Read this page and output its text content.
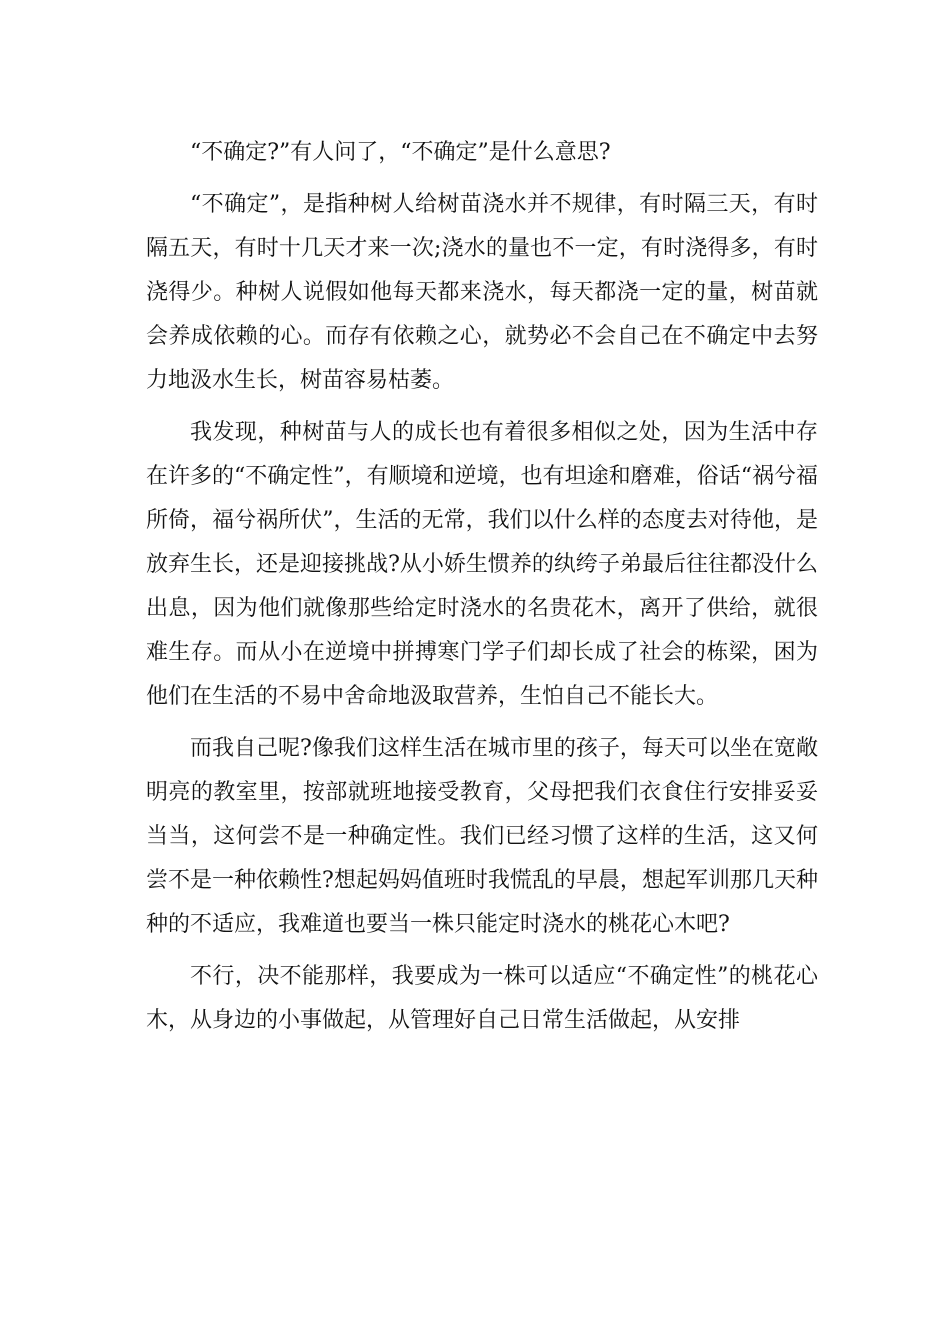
“不确定?”有人问了，“不确定”是什么意思?

“不确定”，是指种树人给树苗浇水并不规律，有时隔三天，有时隔五天，有时十几天才来一次;浇水的量也不一定，有时浇得多，有时浇得少。种树人说假如他每天都来浇水，每天都浇一定的量，树苗就会养成依赖的心。而存有依赖之心，就势必不会自己在不确定中去努力地汲水生长，树苗容易枯萎。

我发现，种树苗与人的成长也有着很多相似之处，因为生活中存在许多的“不确定性”，有顺境和逆境，也有坦途和磨难，俗话“祸兮福所倚，福兮祸所伏”，生活的无常，我们以什么样的态度去对待他，是放弃生长，还是迎接挑战?从小娇生惯养的纨绔子弟最后往往都没什么出息，因为他们就像那些给定时浇水的名贵花木，离开了供给，就很难生存。而从小在逆境中拼搏寒门学子们却长成了社会的栋梁，困为他们在生活的不易中舍命地汲取营养，生怕自己不能长大。

而我自己呢?像我们这样生活在城市里的孩子，每天可以坐在宽敞明亮的教室里，按部就班地接受教育，父母把我们衣食住行安排妥妥当当，这何尝不是一种确定性。我们已经习惯了这样的生活，这又何尝不是一种依赖性?想起妈妈值班时我慌乱的早晨，想起军训那几天种种的不适应，我难道也要当一株只能定时浇水的桃花心木吧?

不行，决不能那样，我要成为一株可以适应“不确定性”的桃花心木，从身边的小事做起，从管理好自己日常生活做起，从安排
